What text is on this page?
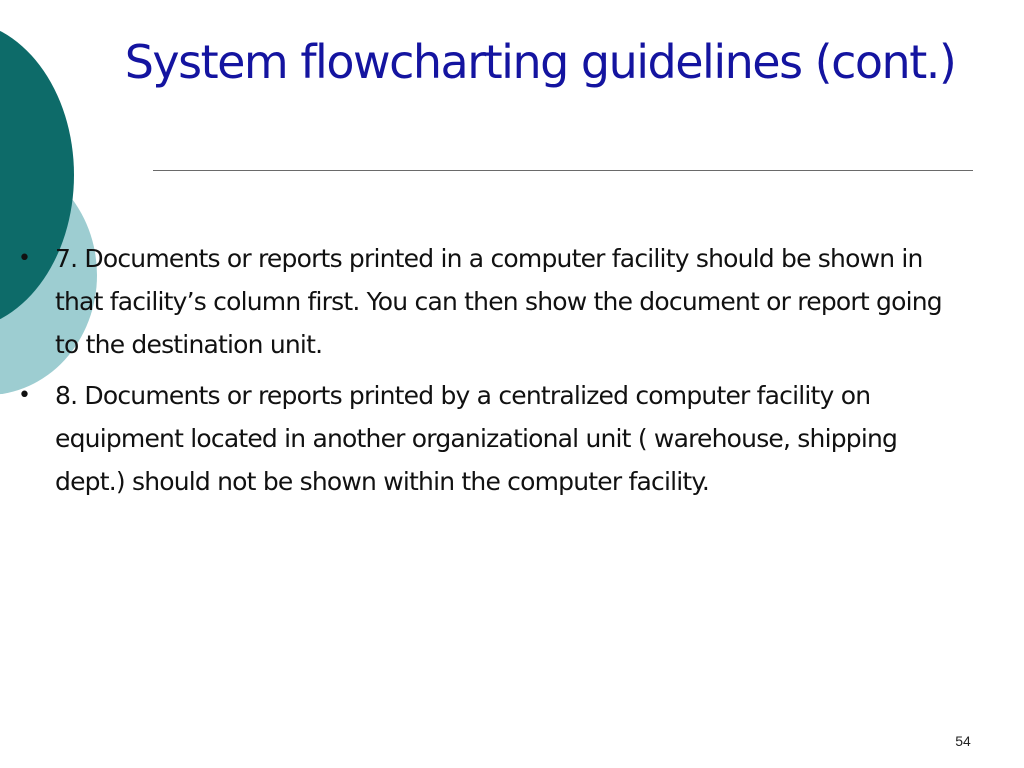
System flowcharting guidelines (cont.)
• 7. Documents or reports printed in a computer facility should be shown in that facility’s column first. You can then show the document or report going to the destination unit.
• 8. Documents or reports printed by a centralized computer facility on equipment located in another organizational unit ( warehouse, shipping dept.) should not be shown within the computer facility.
54
